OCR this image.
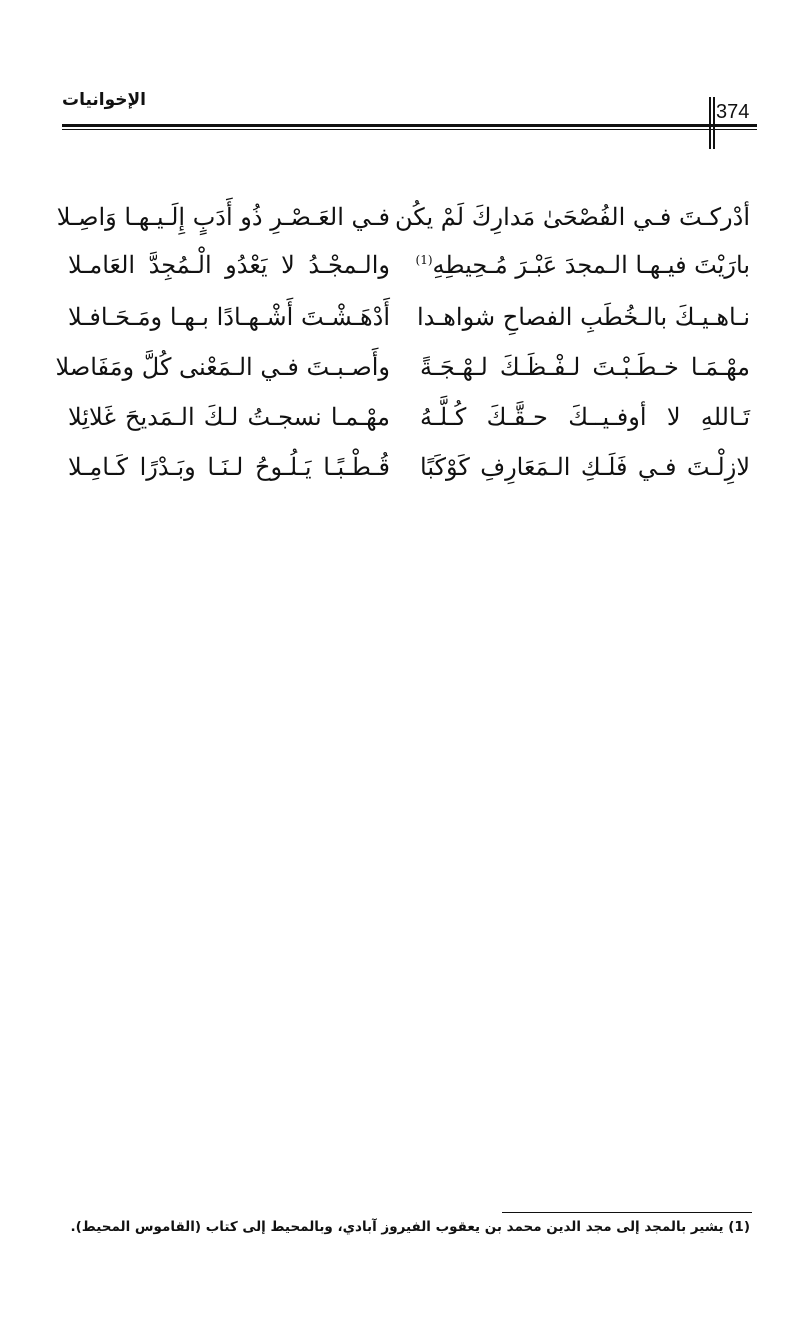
الإخوانيات
374
أدْركـتَ فـي الفُصْحَىٰ مَدارِكَ لَمْ يكُن
فـي العَـصْـرِ ذُو أَدَبٍ إِلَـيـهـا وَاصِـلا
بارَيْتَ فيـهـا الـمجدَ عَبْـرَ مُـحِيطِهِ$^{(1)}$
والـمجْـدُ لا يَعْدُو الْـمُجِدَّ العَامـلا
نـاهـيـكَ بالـخُطَبِ الفصاحِ شواهـدا
أَدْهَـشْـتَ أَشْـهـادًا بـهـا ومَـحَـافـلا
مهْـمَـا خـطَـبْـتَ لـفْـظَـكَ لـهْـجَـةً
وأَصـبـتَ فـي الـمَعْنى كُلَّ ومَفَاصلا
تَـاللهِ لا أوفـيــكَ حـقَّـكَ كُـلَّـهُ
مهْـمـا نسجـتُ لـكَ الـمَديحَ غَلائِلا
لازِلْـتَ فـي فَلَـكِ الـمَعَارِفِ كَوْكَبًا
قُـطْـبًـا يَـلُـوحُ لـنَـا وبَـدْرًا كَـامِـلا
(1) يشير بالمجد إلى مجد الدين محمد بن يعقوب الفيروز آبادي، وبالمحيط إلى كتاب (القاموس المحيط).
